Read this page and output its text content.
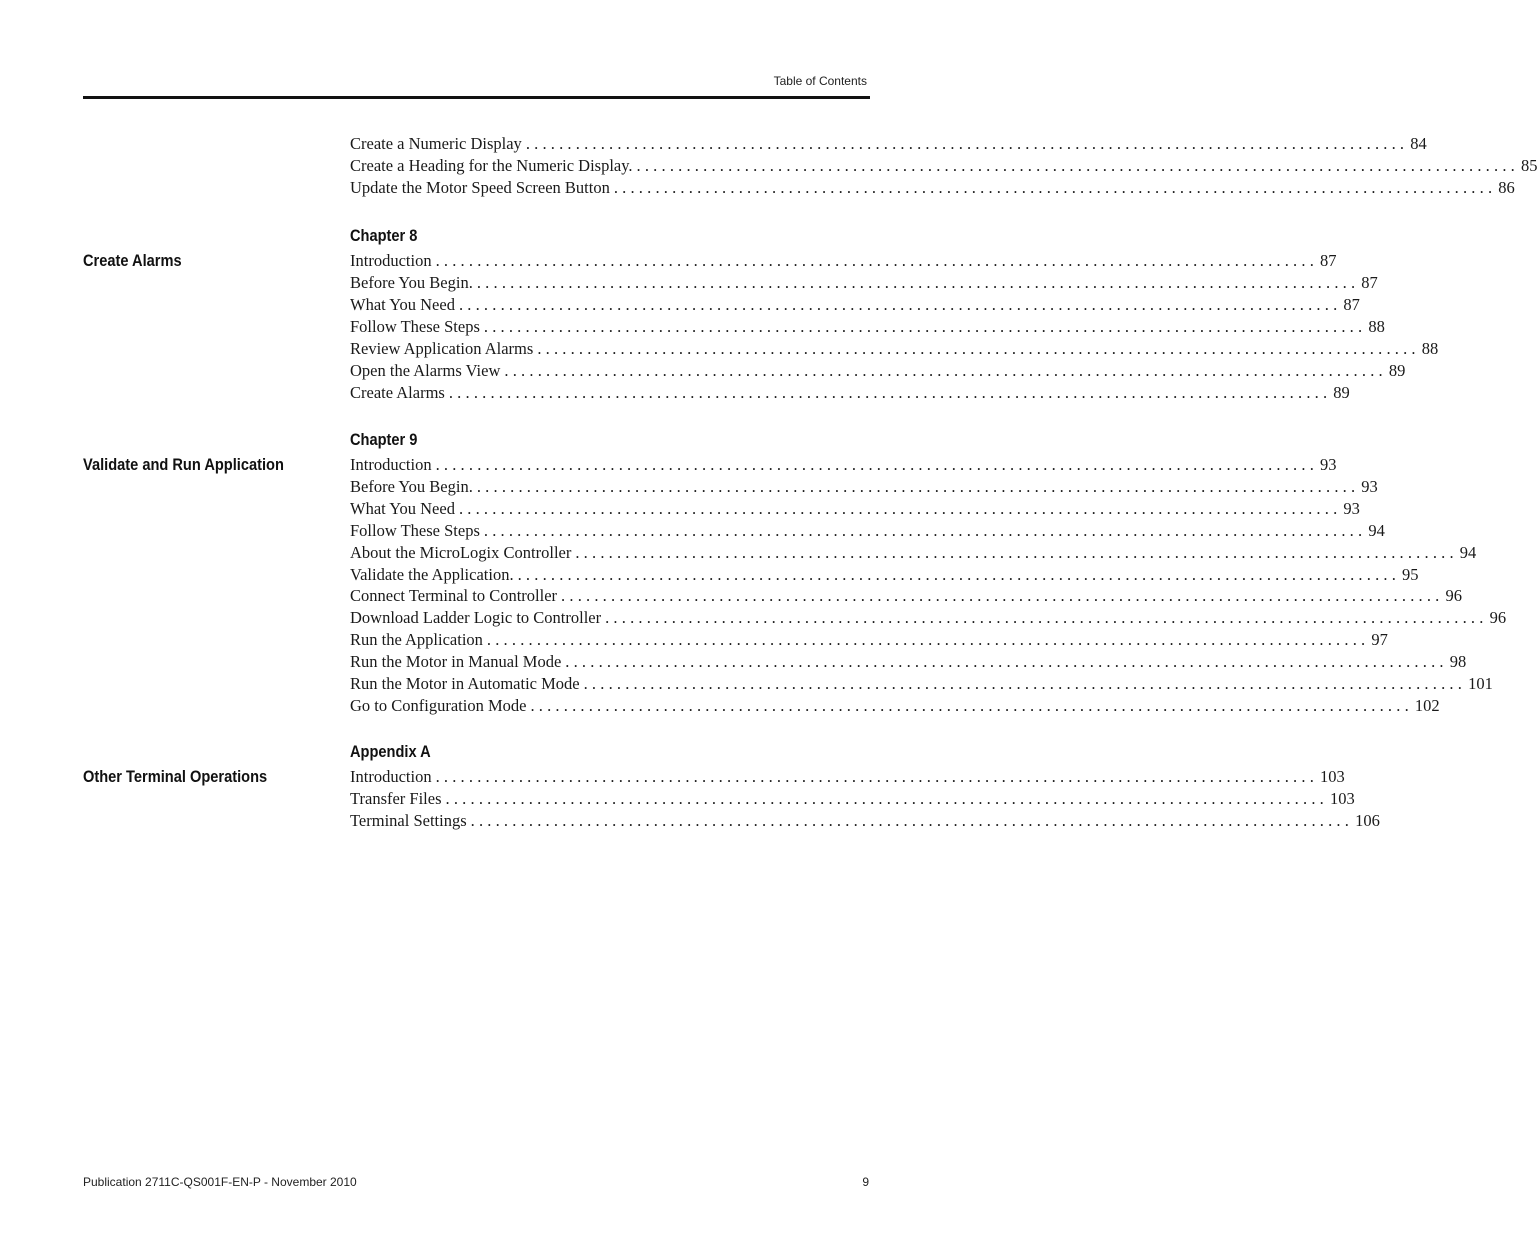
Table of Contents
Create a Numeric Display .......................................................................................................... 84
Create a Heading for the Numeric Display. .......................................................................................................... 85
Update the Motor Speed Screen Button .......................................................................................................... 86
Chapter 8
Create Alarms	Introduction .......................................................................................................... 87
Before You Begin. .......................................................................................................... 87
What You Need .......................................................................................................... 87
Follow These Steps .......................................................................................................... 88
Review Application Alarms .......................................................................................................... 88
Open the Alarms View .......................................................................................................... 89
Create Alarms .......................................................................................................... 89
Chapter 9
Validate and Run Application	Introduction .......................................................................................................... 93
Before You Begin. .......................................................................................................... 93
What You Need .......................................................................................................... 93
Follow These Steps .......................................................................................................... 94
About the MicroLogix Controller .......................................................................................................... 94
Validate the Application. .......................................................................................................... 95
Connect Terminal to Controller .......................................................................................................... 96
Download Ladder Logic to Controller .......................................................................................................... 96
Run the Application .......................................................................................................... 97
Run the Motor in Manual Mode .......................................................................................................... 98
Run the Motor in Automatic Mode .......................................................................................................... 101
Go to Configuration Mode .......................................................................................................... 102
Appendix A
Other Terminal Operations	Introduction .......................................................................................................... 103
Transfer Files .......................................................................................................... 103
Terminal Settings .......................................................................................................... 106
Publication 2711C-QS001F-EN-P - November 2010	9
